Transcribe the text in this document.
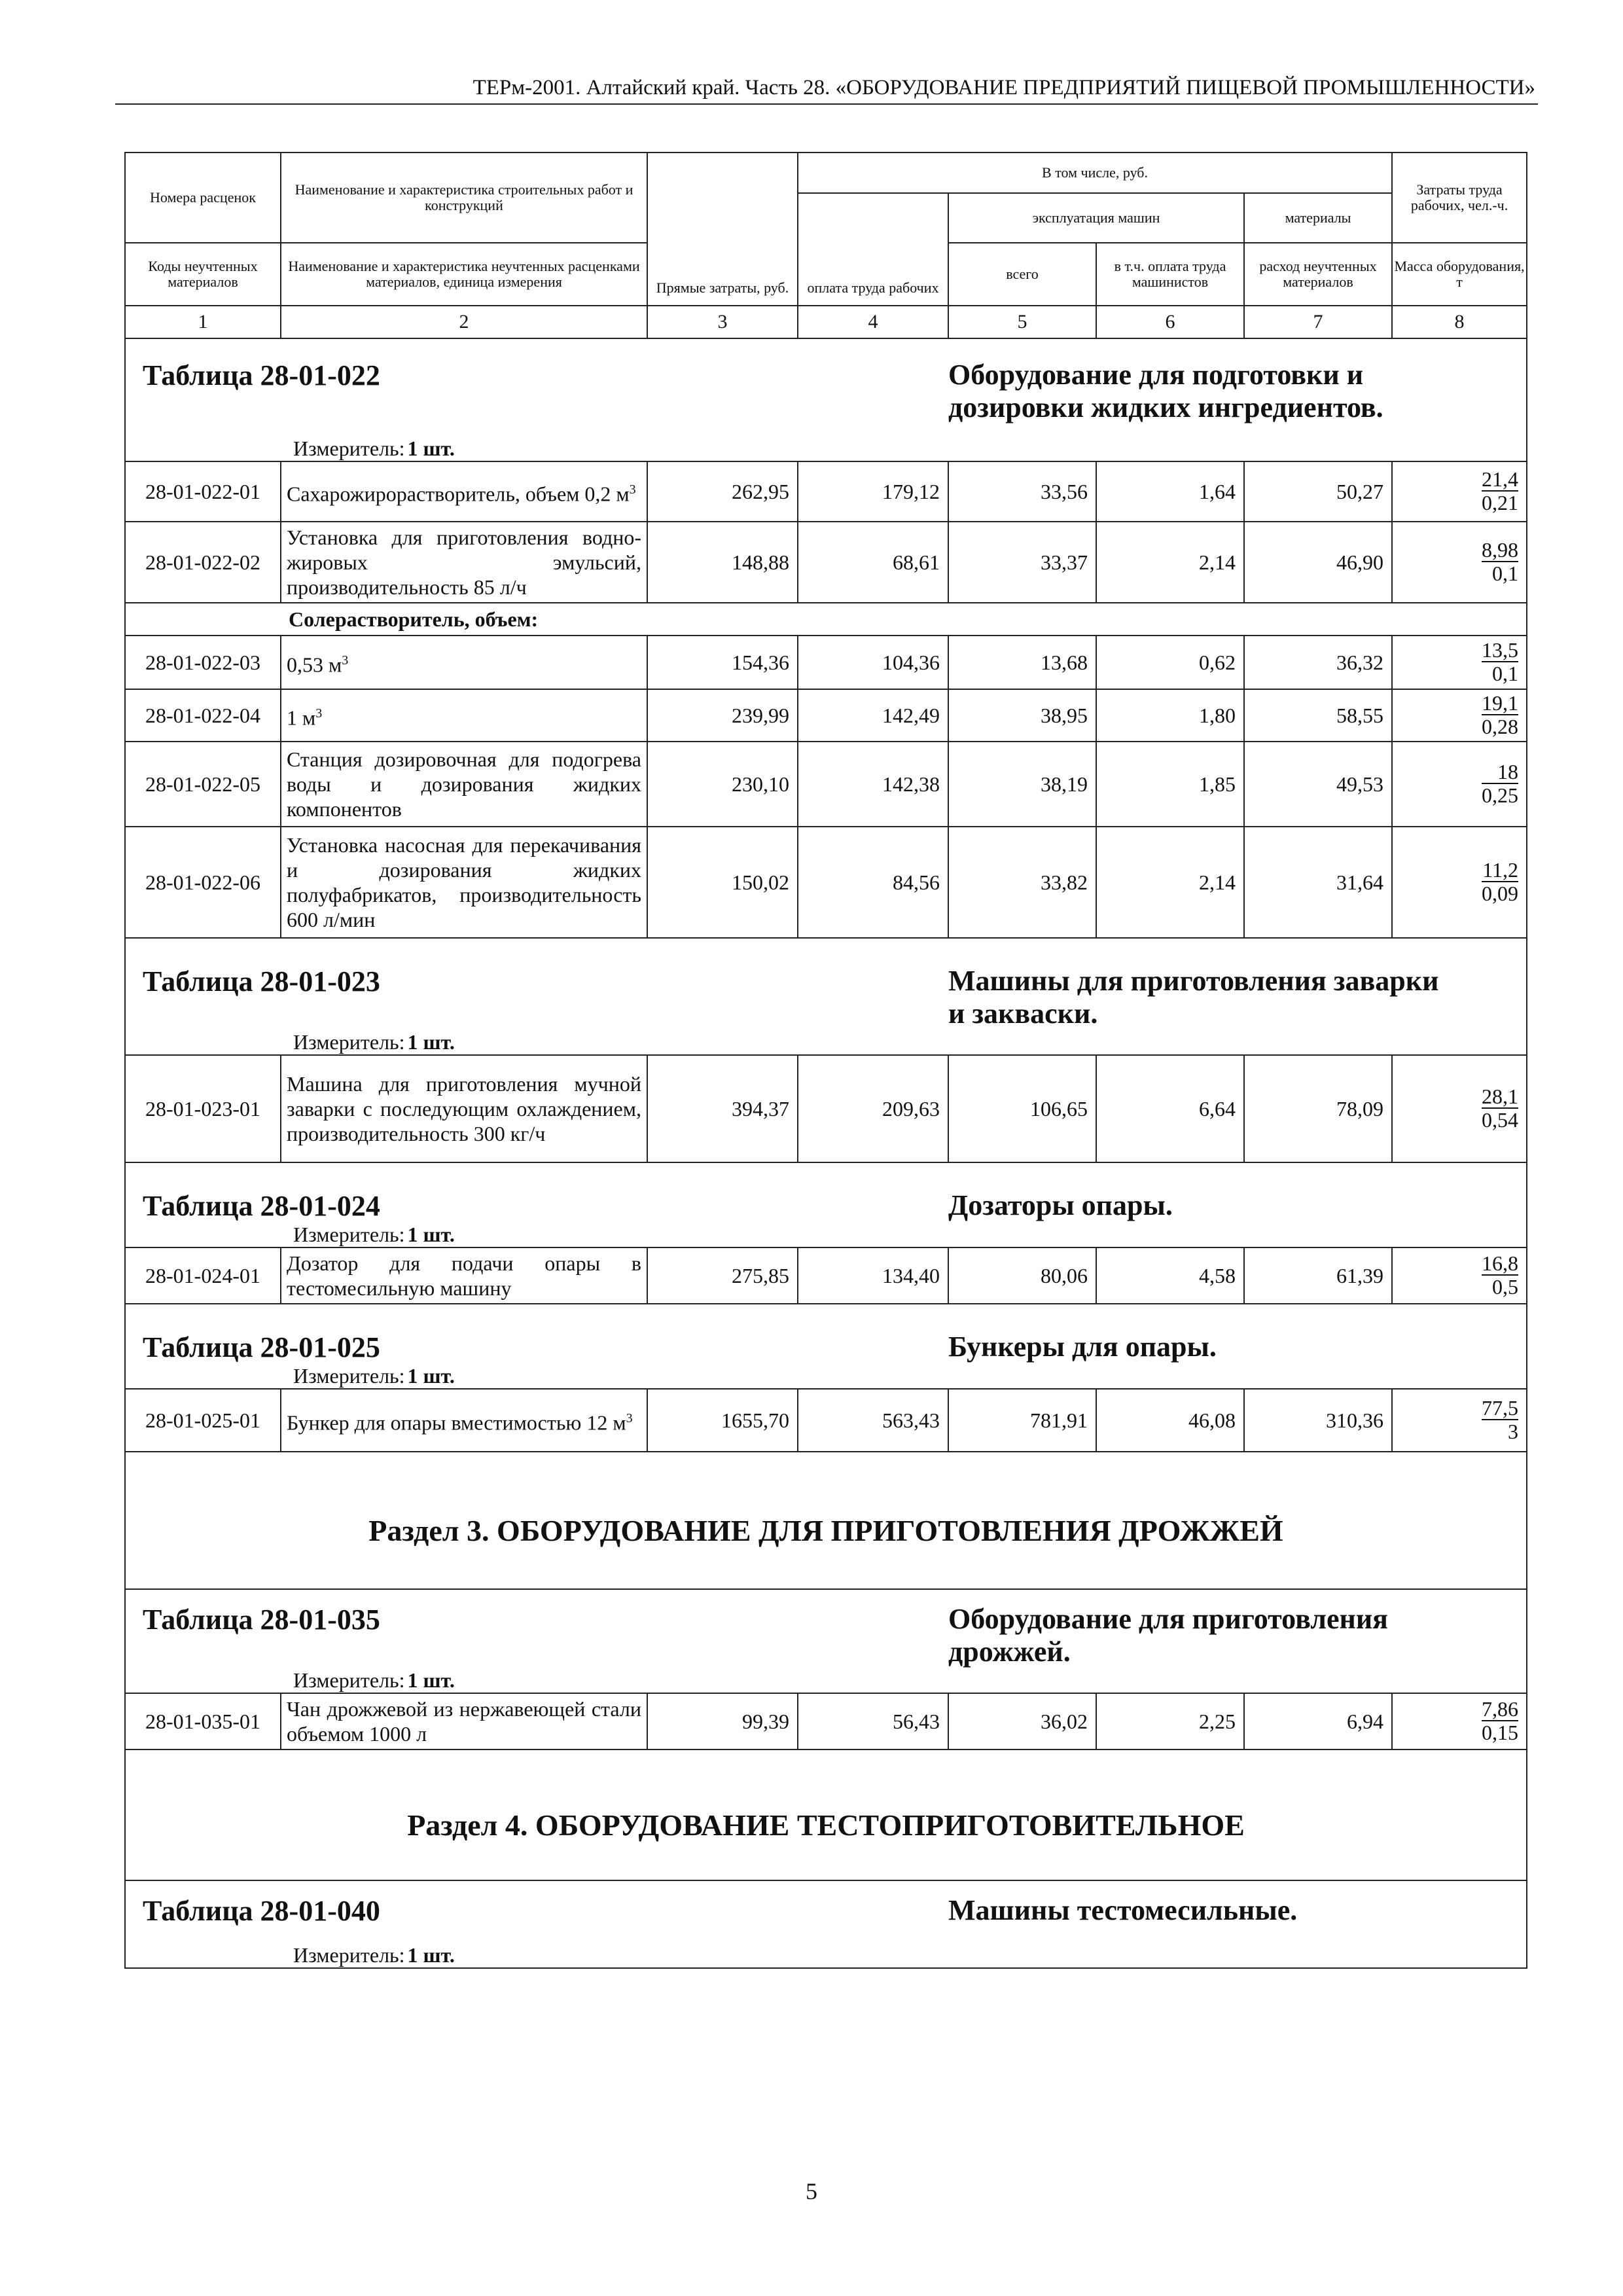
ТЕРм-2001. Алтайский край. Часть 28. «ОБОРУДОВАНИЕ ПРЕДПРИЯТИЙ ПИЩЕВОЙ ПРОМЫШЛЕННОСТИ»
Номера расценок	Наименование и характеристика строительных работ и конструкций	Прямые затраты, руб.	В том числе, руб.				Затраты труда рабочих, чел.-ч.
			оплата труда рабочих	эксплуатация машин		материалы	
Коды неучтенных материалов	Наименование и характеристика неучтенных расценками материалов, единица измерения			всего	в т.ч. оплата труда машинистов	расход неучтенных материалов	Масса оборудования, т
1	2	3	4	5	6	7	8
Таблица 28-01-022				Оборудование для подготовки и дозировки жидких ингредиентов.			

Измеритель: 1 шт.							
28-01-022-01	Сахарожирорастворитель, объем 0,2 $м^3$	262,95	179,12	33,56	1,64	50,27	$\frac{21,4}{0,21}$

28-01-022-02	Установка для приготовления водно-жировых эмульсий, производительность 85 л/ч	148,88	68,61	33,37	2,14	46,90	$\frac{8,98}{0,1}$

	Солерастворитель, объем:						
28-01-022-03	0,53 $м^3$	154,36	104,36	13,68	0,62	36,32	$\frac{13,5}{0,1}$

28-01-022-04	1 $м^3$	239,99	142,49	38,95	1,80	58,55	$\frac{19,1}{0,28}$

28-01-022-05	Станция дозировочная для подогрева воды и дозирования жидких компонентов	230,10	142,38	38,19	1,85	49,53	$\frac{18}{0,25}$

28-01-022-06	Установка насосная для перекачивания и дозирования жидких полуфабрикатов, производительность 600 л/мин	150,02	84,56	33,82	2,14	31,64	$\frac{11,2}{0,09}$

Таблица 28-01-023				Машины для приготовления заварки и закваски.			

Измеритель: 1 шт.							
28-01-023-01	Машина для приготовления мучной заварки с последующим охлаждением, производительность 300 кг/ч	394,37	209,63	106,65	6,64	78,09	$\frac{28,1}{0,54}$

Таблица 28-01-024				Дозаторы опары.			

Измеритель: 1 шт.							
28-01-024-01	Дозатор для подачи опары в тестомесильную машину	275,85	134,40	80,06	4,58	61,39	$\frac{16,8}{0,5}$

Таблица 28-01-025				Бункеры для опары.			

Измеритель: 1 шт.							
28-01-025-01	Бункер для опары вместимостью 12 $м^3$	1655,70	563,43	781,91	46,08	310,36	$\frac{77,5}{3}$

Раздел 3. ОБОРУДОВАНИЕ ДЛЯ ПРИГОТОВЛЕНИЯ ДРОЖЖЕЙ							

Таблица 28-01-035				Оборудование для приготовления дрожжей.			

Измеритель: 1 шт.							
28-01-035-01	Чан дрожжевой из нержавеющей стали объемом 1000 л	99,39	56,43	36,02	2,25	6,94	$\frac{7,86}{0,15}$

Раздел 4. ОБОРУДОВАНИЕ ТЕСТОПРИГОТОВИТЕЛЬНОЕ							

Таблица 28-01-040				Машины тестомесильные.			

Измеритель: 1 шт.							
5
